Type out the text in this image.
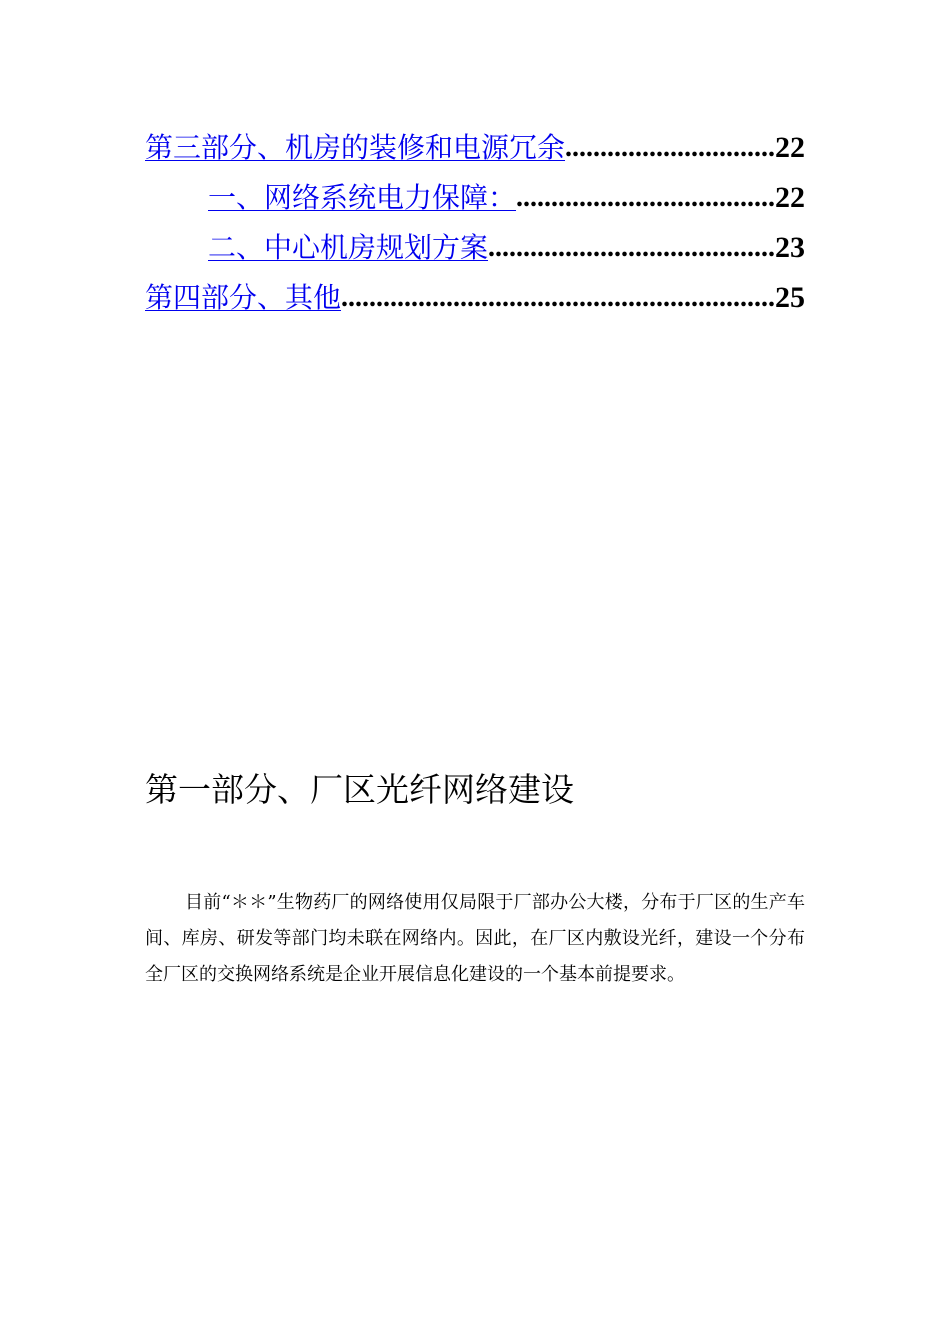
第三部分、机房的装修和电源冗余 .....	22
一、网络系统电力保障： .....	22
二、中心机房规划方案 .....	23
第四部分、其他 .....	25
第一部分、厂区光纤网络建设

目前“＊＊”生物药厂的网络使用仅局限于厂部办公大楼，分布于厂区的生产车间、库房、研发等部门均未联在网络内。因此，在厂区内敷设光纤，建设一个分布全厂区的交换网络系统是企业开展信息化建设的一个基本前提要求。
